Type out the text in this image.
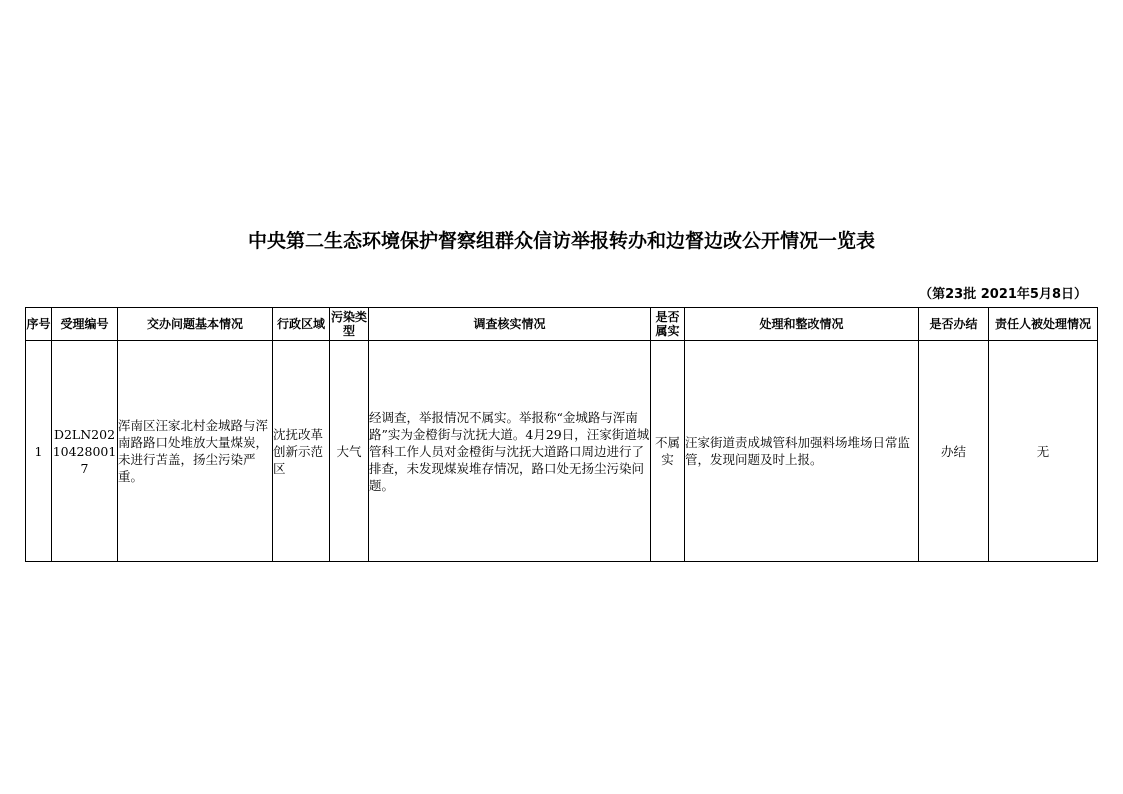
中央第二生态环境保护督察组群众信访举报转办和边督边改公开情况一览表
（第23批 2021年5月8日）
序号	受理编号	交办问题基本情况	行政区域	污染类型	调查核实情况	是否属实	处理和整改情况	是否办结	责任人被处理情况
1	D2LN202104280017	浑南区汪家北村金城路与浑南路路口处堆放大量煤炭，未进行苫盖，扬尘污染严重。	沈抚改革创新示范区	大气	经调查，举报情况不属实。举报称“金城路与浑南路”实为金橙街与沈抚大道。4月29日，汪家街道城管科工作人员对金橙街与沈抚大道路口周边进行了排查，未发现煤炭堆存情况，路口处无扬尘污染问题。	不属实	汪家街道责成城管科加强料场堆场日常监管，发现问题及时上报。	办结	无
